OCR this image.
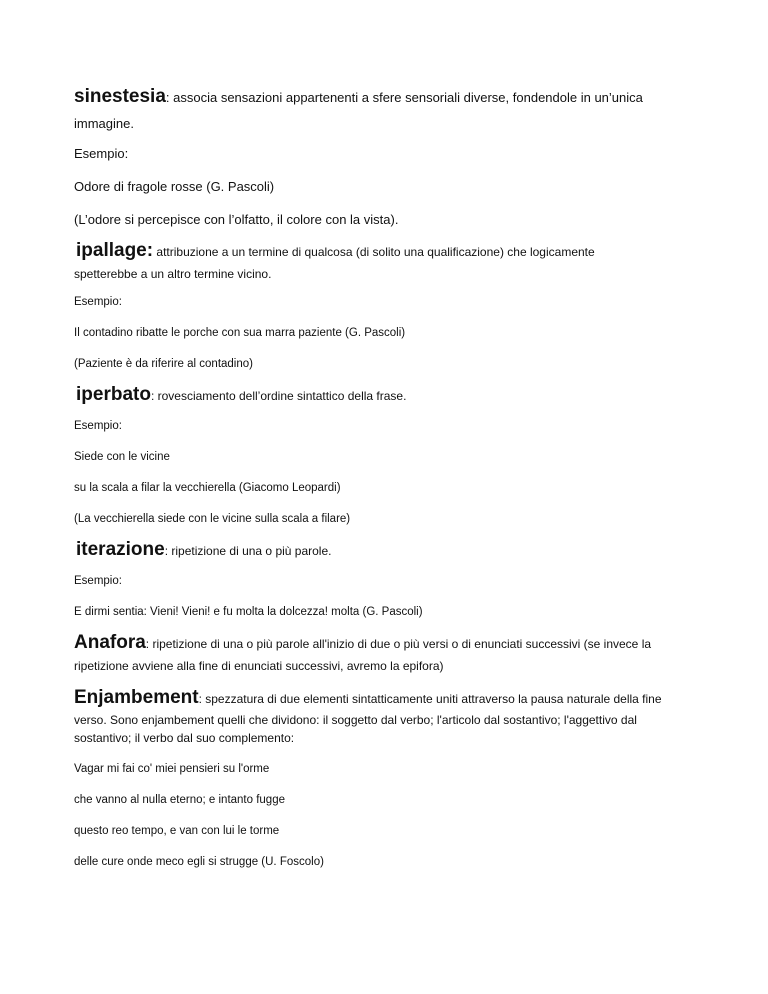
sinestesia: associa sensazioni appartenenti a sfere sensoriali diverse, fondendole in un’unica

immagine.

Esempio:

Odore di fragole rosse (G. Pascoli)

(L’odore si percepisce con l’olfatto, il colore con la vista).

ipallage: attribuzione a un termine di qualcosa (di solito una qualificazione) che logicamente

spetterebbe a un altro termine vicino.

Esempio:

Il contadino ribatte le porche con sua marra paziente (G. Pascoli)

(Paziente è da riferire al contadino)

iperbato: rovesciamento dell’ordine sintattico della frase.

Esempio:

Siede con le vicine

su la scala a filar la vecchierella (Giacomo Leopardi)

(La vecchierella siede con le vicine sulla scala a filare)

iterazione: ripetizione di una o più parole.

Esempio:

E dirmi sentia: Vieni! Vieni! e fu molta la dolcezza! molta (G. Pascoli)

Anafora: ripetizione di una o più parole all'inizio di due o più versi o di enunciati successivi (se invece la

ripetizione avviene alla fine di enunciati successivi, avremo la epifora)

Enjambement: spezzatura di due elementi sintatticamente uniti attraverso la pausa naturale della fine

verso. Sono enjambement quelli che dividono: il soggetto dal verbo; l'articolo dal sostantivo; l'aggettivo dal

sostantivo; il verbo dal suo complemento:

Vagar mi fai co' miei pensieri su l'orme

che vanno al nulla eterno; e intanto fugge

questo reo tempo, e van con lui le torme

delle cure onde meco egli si strugge (U. Foscolo)
